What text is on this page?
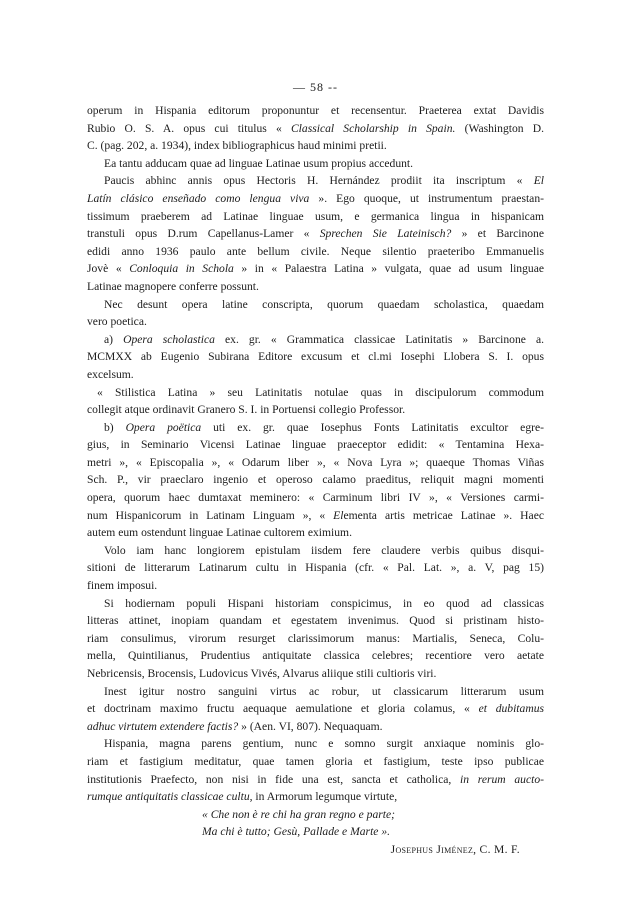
— 58 --
operum in Hispania editorum proponuntur et recensentur. Praeterea extat Davidis
Rubio O. S. A. opus cui titulus « Classical Scholarship in Spain. (Washington D.
C. (pag. 202, a. 1934), index bibliographicus haud minimi pretii.
Ea tantu adducam quae ad linguae Latinae usum propius accedunt.
Paucis abhinc annis opus Hectoris H. Hernández prodiit ita inscriptum « El
Latín clásico enseñado como lengua viva ». Ego quoque, ut instrumentum praestan-
tissimum praeberem ad Latinae linguae usum, e germanica lingua in hispanicam
transtuli opus D.rum Capellanus-Lamer « Sprechen Sie Lateinisch? » et Barcinone
edidi anno 1936 paulo ante bellum civile. Neque silentio praeteribo Emmanuelis
Jovè « Conloquia in Schola » in « Palaestra Latina » vulgata, quae ad usum linguae
Latinae magnopere conferre possunt.
Nec desunt opera latine conscripta, quorum quaedam scholastica, quaedam
vero poetica.
a) Opera scholastica ex. gr. « Grammatica classicae Latinitatis » Barcinone a.
MCMXX ab Eugenio Subirana Editore excusum et cl.mi Iosephi Llobera S. I. opus
excelsum.
« Stilistica Latina » seu Latinitatis notulae quas in discipulorum commodum
collegit atque ordinavit Granero S. I. in Portuensi collegio Professor.
b) Opera poëtica uti ex. gr. quae Iosephus Fonts Latinitatis excultor egre-
gius, in Seminario Vicensi Latinae linguae praeceptor edidit: « Tentamina Hexa-
metri », « Episcopalia », « Odarum liber », « Nova Lyra »; quaeque Thomas Viñas
Sch. P., vir praeclaro ingenio et operoso calamo praeditus, reliquit magni momenti
opera, quorum haec dumtaxat meminero: « Carminum libri IV », « Versiones carmi-
num Hispanicorum in Latinam Linguam », « Elementa artis metricae Latinae ». Haec
autem eum ostendunt linguae Latinae cultorem eximium.
Volo iam hanc longiorem epistulam iisdem fere claudere verbis quibus disqui-
sitioni de litterarum Latinarum cultu in Hispania (cfr. « Pal. Lat. », a. V, pag 15)
finem imposui.
Si hodiernam populi Hispani historiam conspicimus, in eo quod ad classicas
litteras attinet, inopiam quandam et egestatem invenimus. Quod si pristinam histo-
riam consulimus, virorum resurget clarissimorum manus: Martialis, Seneca, Colu-
mella, Quintilianus, Prudentius antiquitate classica celebres; recentiore vero aetate
Nebricensis, Brocensis, Ludovicus Vivés, Alvarus aliique stili cultioris viri.
Inest igitur nostro sanguini virtus ac robur, ut classicarum litterarum usum
et doctrinam maximo fructu aequaque aemulatione et gloria colamus, « et dubitamus
adhuc virtutem extendere factis? » (Aen. VI, 807). Nequaquam.
Hispania, magna parens gentium, nunc e somno surgit anxiaque nominis glo-
riam et fastigium meditatur, quae tamen gloria et fastigium, teste ipso publicae
institutionis Praefecto, non nisi in fide una est, sancta et catholica, in rerum aucto-
rumque antiquitatis classicae cultu, in Armorum legumque virtute,
« Che non è re chi ha gran regno e parte;
Ma chi è tutto; Gesù, Pallade e Marte ».
Josephus Jiménez, C. M. F.
